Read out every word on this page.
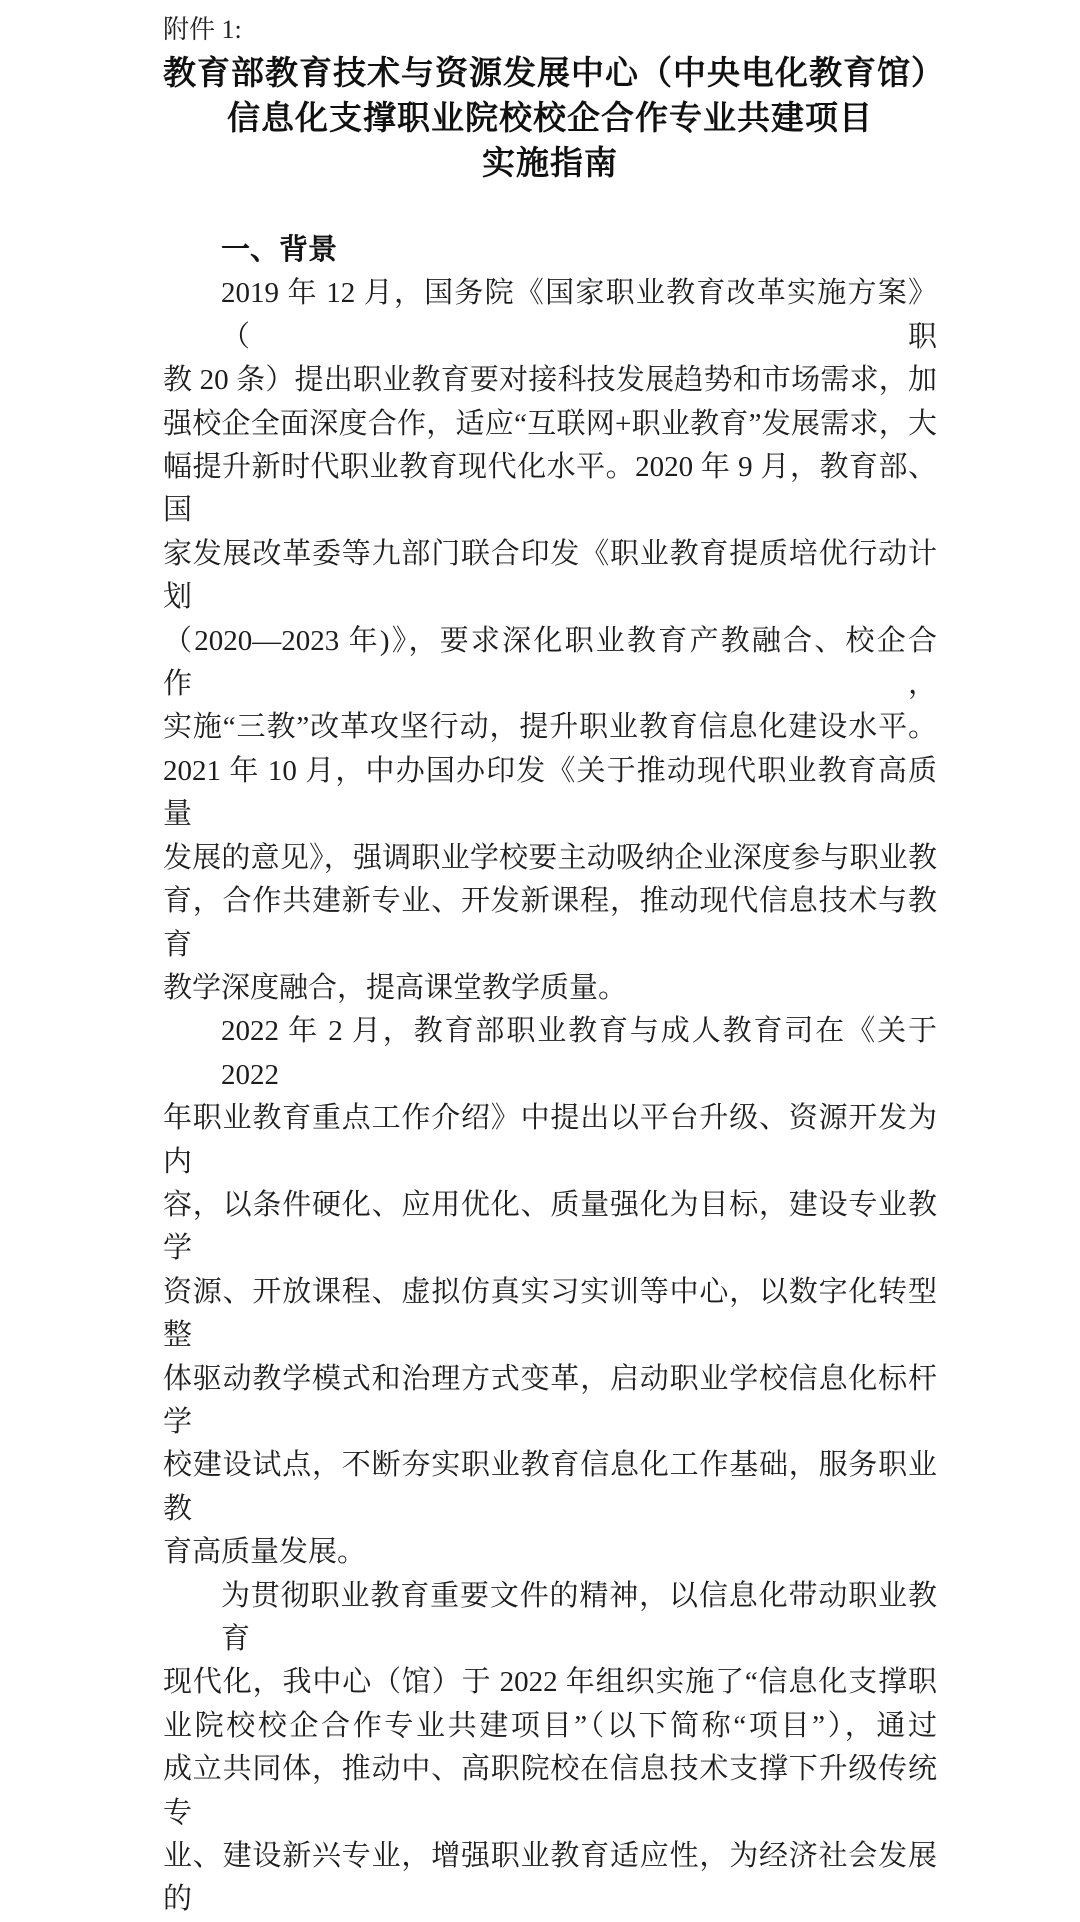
附件 1:
教育部教育技术与资源发展中心（中央电化教育馆）
信息化支撑职业院校校企合作专业共建项目
实施指南
一、背景
2019 年 12 月，国务院《国家职业教育改革实施方案》（职
教 20 条）提出职业教育要对接科技发展趋势和市场需求，加
强校企全面深度合作，适应“互联网+职业教育”发展需求，大
幅提升新时代职业教育现代化水平。2020 年 9 月，教育部、国
家发展改革委等九部门联合印发《职业教育提质培优行动计划
（2020—2023 年)》，要求深化职业教育产教融合、校企合作，
实施“三教”改革攻坚行动，提升职业教育信息化建设水平。
2021 年 10 月，中办国办印发《关于推动现代职业教育高质量
发展的意见》，强调职业学校要主动吸纳企业深度参与职业教
育，合作共建新专业、开发新课程，推动现代信息技术与教育
教学深度融合，提高课堂教学质量。
2022 年 2 月，教育部职业教育与成人教育司在《关于 2022
年职业教育重点工作介绍》中提出以平台升级、资源开发为内
容，以条件硬化、应用优化、质量强化为目标，建设专业教学
资源、开放课程、虚拟仿真实习实训等中心，以数字化转型整
体驱动教学模式和治理方式变革，启动职业学校信息化标杆学
校建设试点，不断夯实职业教育信息化工作基础，服务职业教
育高质量发展。
为贯彻职业教育重要文件的精神，以信息化带动职业教育
现代化，我中心（馆）于 2022 年组织实施了“信息化支撑职
业院校校企合作专业共建项目”（以下简称“项目”），通过
成立共同体，推动中、高职院校在信息技术支撑下升级传统专
业、建设新兴专业，增强职业教育适应性，为经济社会发展的
